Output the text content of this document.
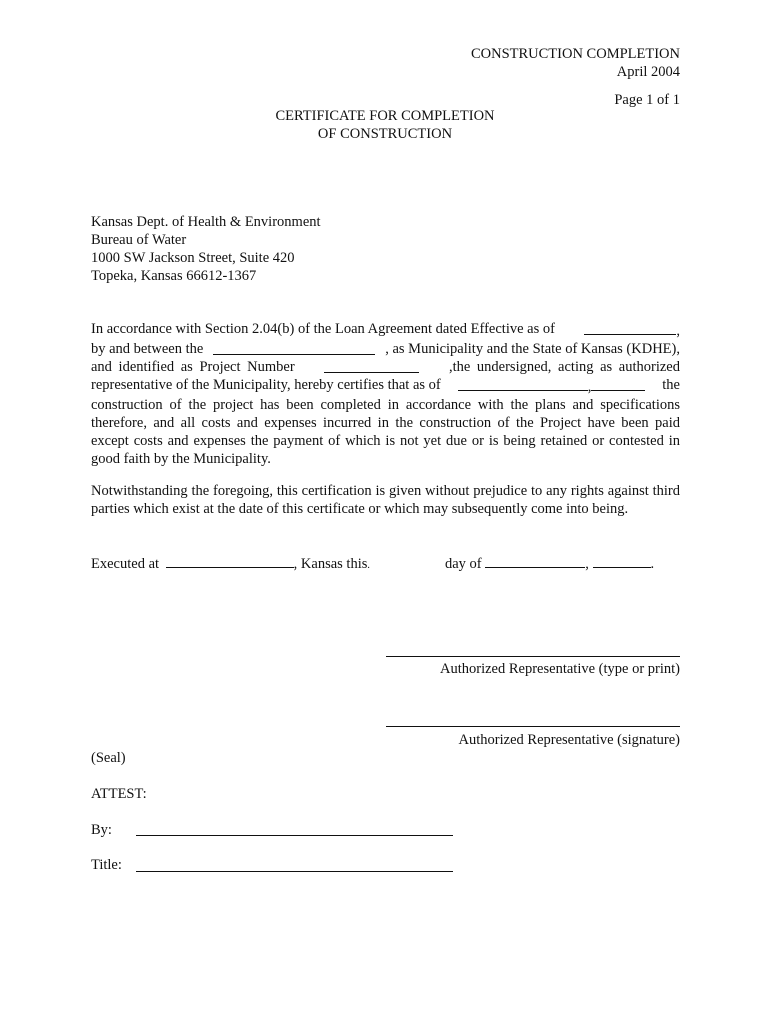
CONSTRUCTION COMPLETION
April 2004
Page 1 of 1
CERTIFICATE FOR COMPLETION
OF CONSTRUCTION
Kansas Dept. of Health & Environment
Bureau of Water
1000 SW Jackson Street, Suite 420
Topeka, Kansas 66612-1367
In accordance with Section 2.04(b) of the Loan Agreement dated Effective as of	,
by and between the	, as Municipality and the State of Kansas (KDHE),
and identified as Project Number	,the undersigned, acting as authorized
representative of the Municipality, hereby certifies that as of	,	the
construction of the project has been completed in accordance with the plans and specifications therefore, and all costs and expenses incurred in the construction of the Project have been paid except costs and expenses the payment of which is not yet due or is being retained or contested in good faith by the Municipality.
Notwithstanding the foregoing, this certification is given without prejudice to any rights against third parties which exist at the date of this certificate or which may subsequently come into being.
Executed at	, Kansas this.	day of	,	.
Authorized Representative (type or print)
Authorized Representative (signature)
(Seal)
ATTEST:
By:
Title:
